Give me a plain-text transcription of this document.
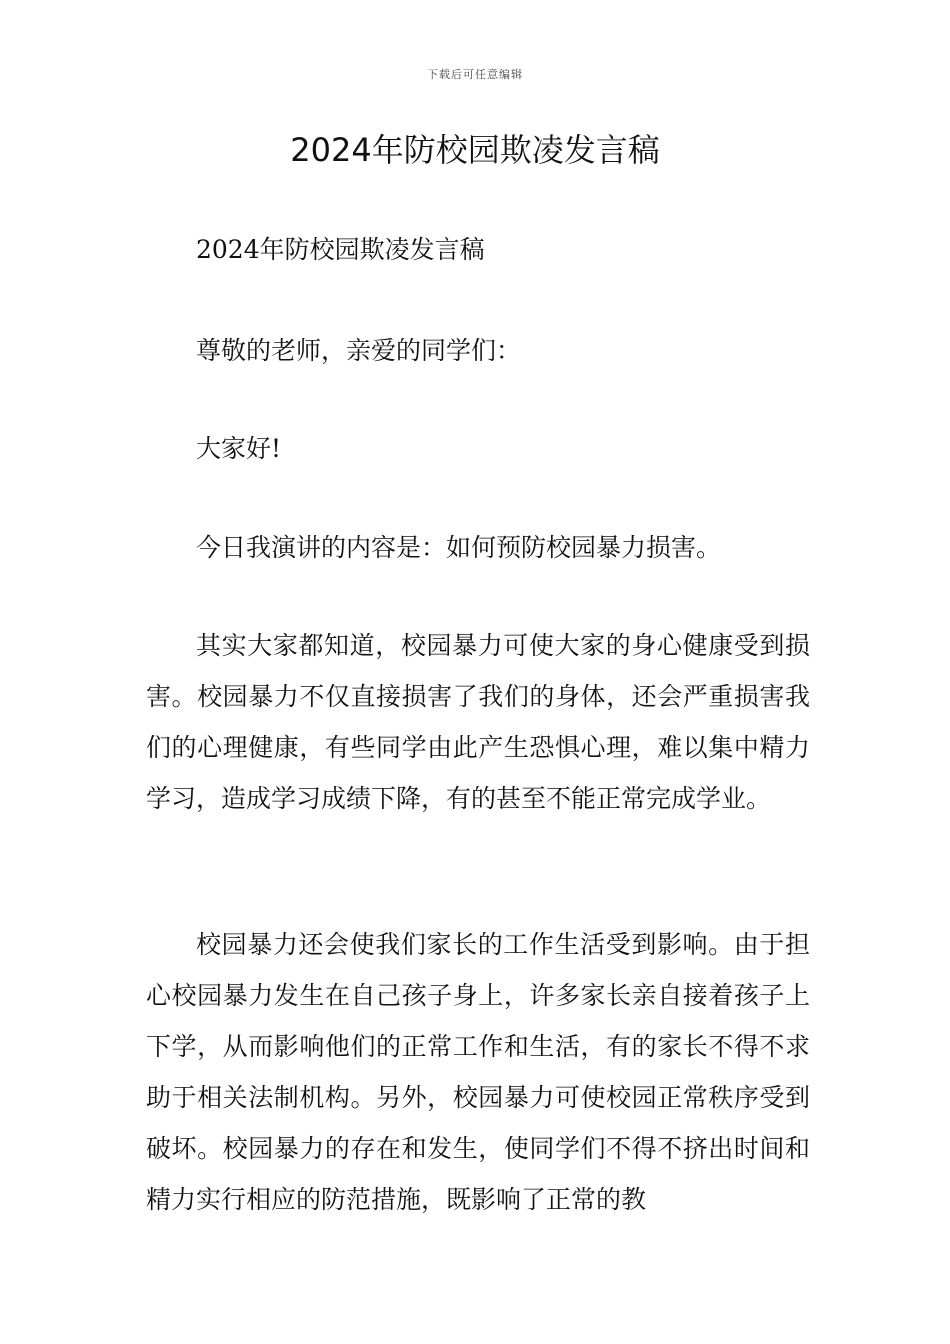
下载后可任意编辑
2024年防校园欺凌发言稿

2024年防校园欺凌发言稿

尊敬的老师，亲爱的同学们：

大家好!

今日我演讲的内容是：如何预防校园暴力损害。

其实大家都知道，校园暴力可使大家的身心健康受到损害。校园暴力不仅直接损害了我们的身体，还会严重损害我们的心理健康，有些同学由此产生恐惧心理，难以集中精力学习，造成学习成绩下降，有的甚至不能正常完成学业。

校园暴力还会使我们家长的工作生活受到影响。由于担心校园暴力发生在自己孩子身上，许多家长亲自接着孩子上下学，从而影响他们的正常工作和生活，有的家长不得不求助于相关法制机构。另外，校园暴力可使校园正常秩序受到破坏。校园暴力的存在和发生，使同学们不得不挤出时间和精力实行相应的防范措施，既影响了正常的教
